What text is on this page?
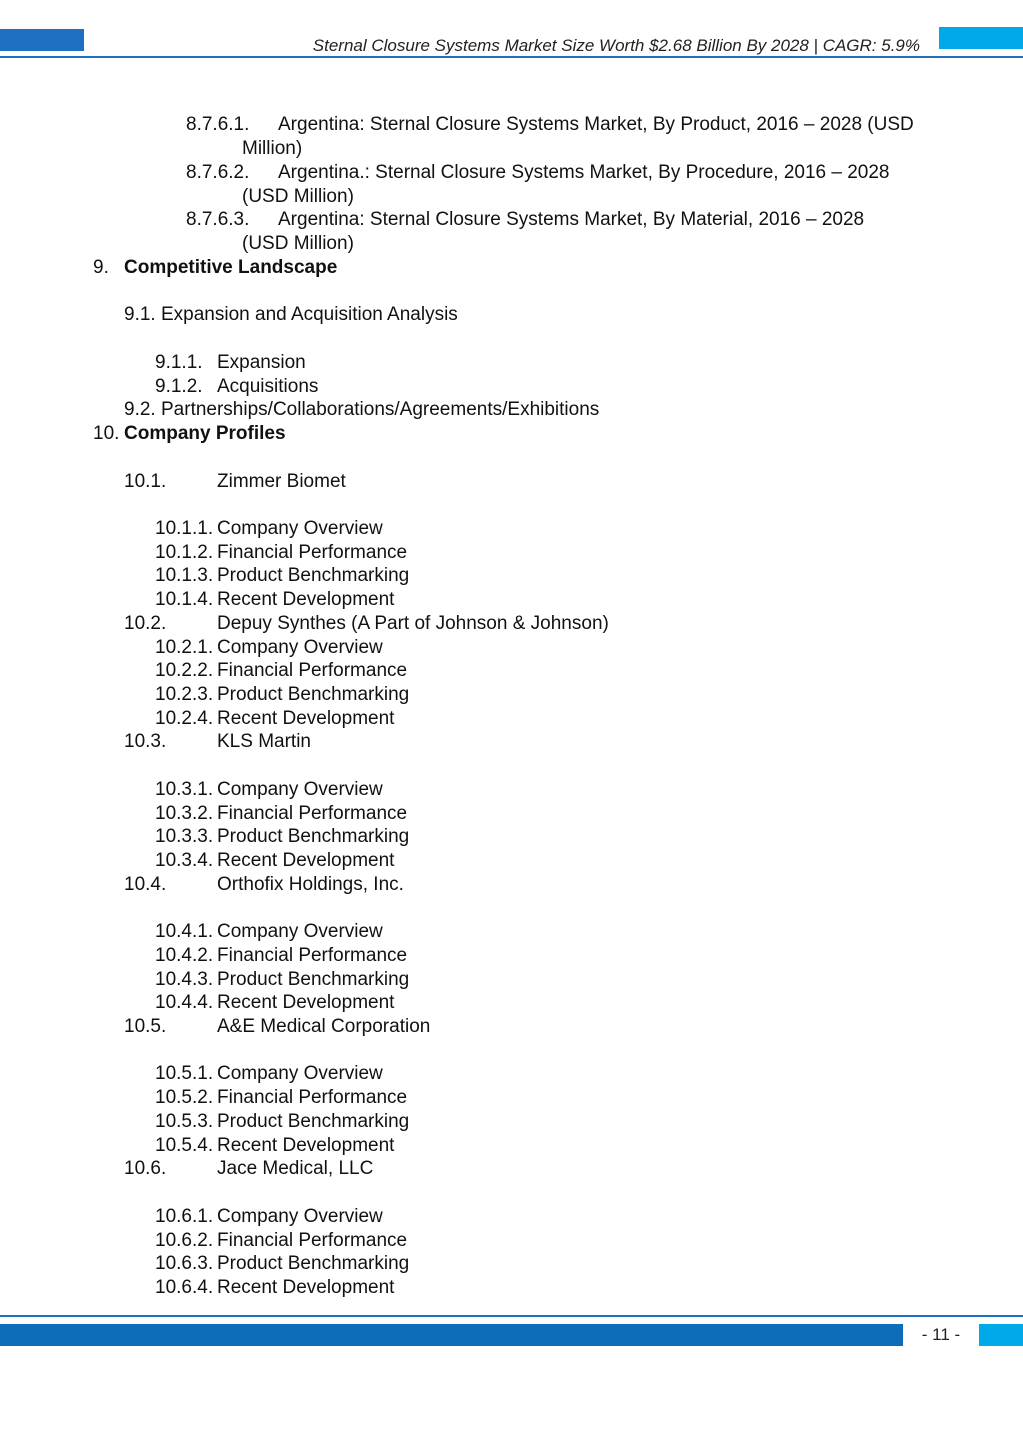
Sternal Closure Systems Market Size Worth $2.68 Billion By 2028 | CAGR: 5.9%
8.7.6.1. Argentina: Sternal Closure Systems Market, By Product, 2016 – 2028 (USD
Million)
8.7.6.2. Argentina.: Sternal Closure Systems Market, By Procedure, 2016 – 2028
(USD Million)
8.7.6.3. Argentina: Sternal Closure Systems Market, By Material, 2016 – 2028
(USD Million)
9. Competitive Landscape
9.1. Expansion and Acquisition Analysis
9.1.1. Expansion
9.1.2. Acquisitions
9.2. Partnerships/Collaborations/Agreements/Exhibitions
10. Company Profiles
10.1.	Zimmer Biomet
10.1.1. Company Overview
10.1.2. Financial Performance
10.1.3. Product Benchmarking
10.1.4. Recent Development
10.2.	Depuy Synthes (A Part of Johnson & Johnson)
10.2.1. Company Overview
10.2.2. Financial Performance
10.2.3. Product Benchmarking
10.2.4. Recent Development
10.3.	KLS Martin
10.3.1. Company Overview
10.3.2. Financial Performance
10.3.3. Product Benchmarking
10.3.4. Recent Development
10.4.	Orthofix Holdings, Inc.
10.4.1. Company Overview
10.4.2. Financial Performance
10.4.3. Product Benchmarking
10.4.4. Recent Development
10.5.	A&E Medical Corporation
10.5.1. Company Overview
10.5.2. Financial Performance
10.5.3. Product Benchmarking
10.5.4. Recent Development
10.6.	Jace Medical, LLC
10.6.1. Company Overview
10.6.2. Financial Performance
10.6.3. Product Benchmarking
10.6.4. Recent Development
- 11 -
